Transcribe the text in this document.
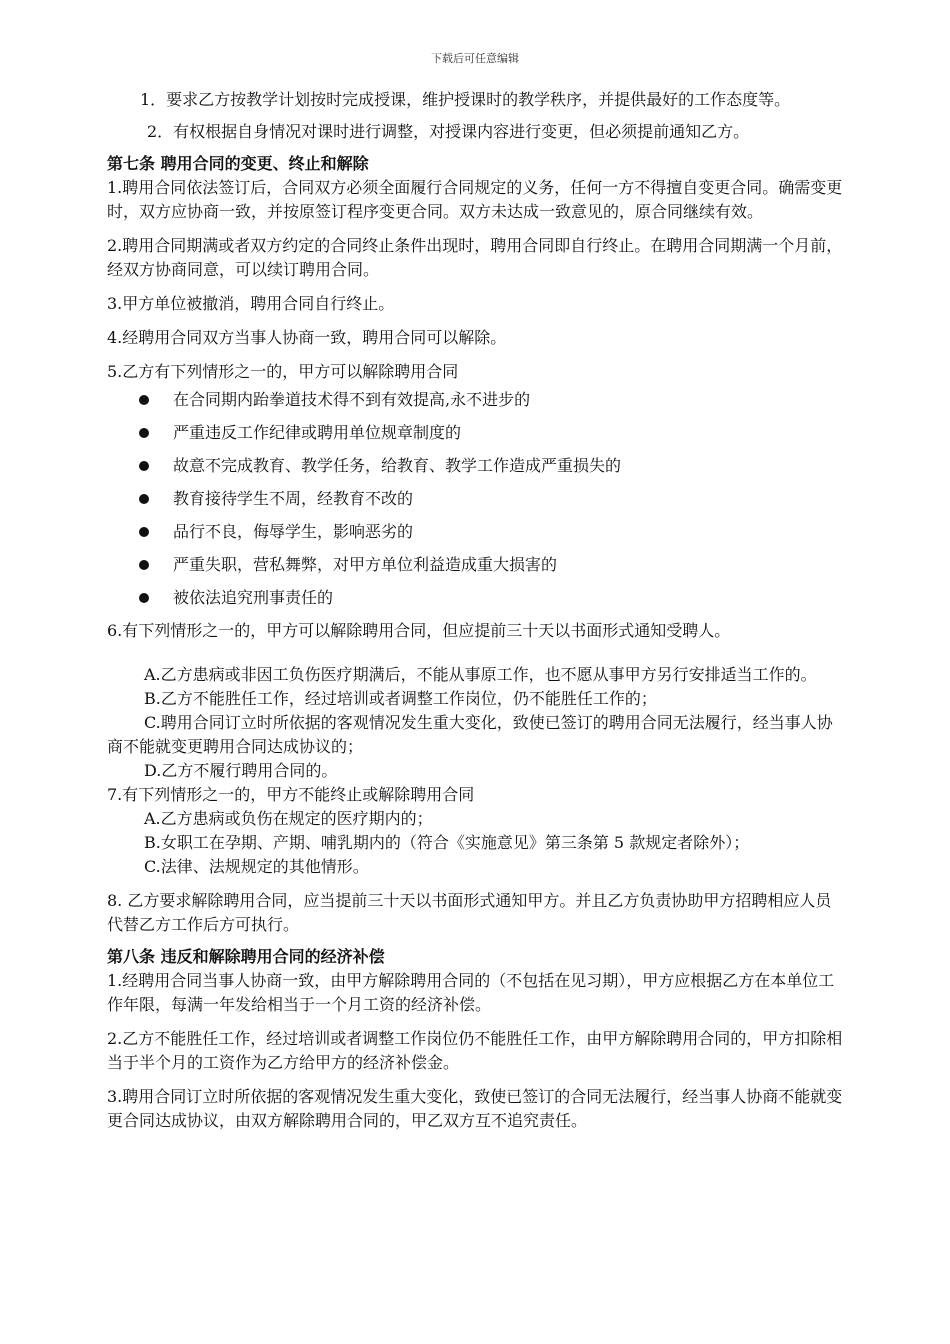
下载后可任意编辑

1．要求乙方按教学计划按时完成授课，维护授课时的教学秩序，并提供最好的工作态度等。

2．有权根据自身情况对课时进行调整，对授课内容进行变更，但必须提前通知乙方。

第七条 聘用合同的变更、终止和解除

1.聘用合同依法签订后，合同双方必须全面履行合同规定的义务，任何一方不得擅自变更合同。确需变更时，双方应协商一致，并按原签订程序变更合同。双方未达成一致意见的，原合同继续有效。

2.聘用合同期满或者双方约定的合同终止条件出现时，聘用合同即自行终止。在聘用合同期满一个月前，经双方协商同意，可以续订聘用合同。

3.甲方单位被撤消，聘用合同自行终止。

4.经聘用合同双方当事人协商一致，聘用合同可以解除。

5.乙方有下列情形之一的，甲方可以解除聘用合同

在合同期内跆拳道技术得不到有效提高,永不进步的
严重违反工作纪律或聘用单位规章制度的
故意不完成教育、教学任务，给教育、教学工作造成严重损失的
教育接待学生不周，经教育不改的
品行不良，侮辱学生，影响恶劣的
严重失职，营私舞弊，对甲方单位利益造成重大损害的
被依法追究刑事责任的

6.有下列情形之一的，甲方可以解除聘用合同，但应提前三十天以书面形式通知受聘人。

A.乙方患病或非因工负伤医疗期满后，不能从事原工作，也不愿从事甲方另行安排适当工作的。

B.乙方不能胜任工作，经过培训或者调整工作岗位，仍不能胜任工作的；

C.聘用合同订立时所依据的客观情况发生重大变化，致使已签订的聘用合同无法履行，经当事人协商不能就变更聘用合同达成协议的；

D.乙方不履行聘用合同的。

7.有下列情形之一的，甲方不能终止或解除聘用合同

A.乙方患病或负伤在规定的医疗期内的；

B.女职工在孕期、产期、哺乳期内的（符合《实施意见》第三条第 5 款规定者除外）；

C.法律、法规规定的其他情形。

8. 乙方要求解除聘用合同，应当提前三十天以书面形式通知甲方。并且乙方负责协助甲方招聘相应人员代替乙方工作后方可执行。

第八条 违反和解除聘用合同的经济补偿

1.经聘用合同当事人协商一致，由甲方解除聘用合同的（不包括在见习期），甲方应根据乙方在本单位工作年限，每满一年发给相当于一个月工资的经济补偿。

2.乙方不能胜任工作，经过培训或者调整工作岗位仍不能胜任工作，由甲方解除聘用合同的，甲方扣除相当于半个月的工资作为乙方给甲方的经济补偿金。

3.聘用合同订立时所依据的客观情况发生重大变化，致使已签订的合同无法履行，经当事人协商不能就变更合同达成协议，由双方解除聘用合同的，甲乙双方互不追究责任。
